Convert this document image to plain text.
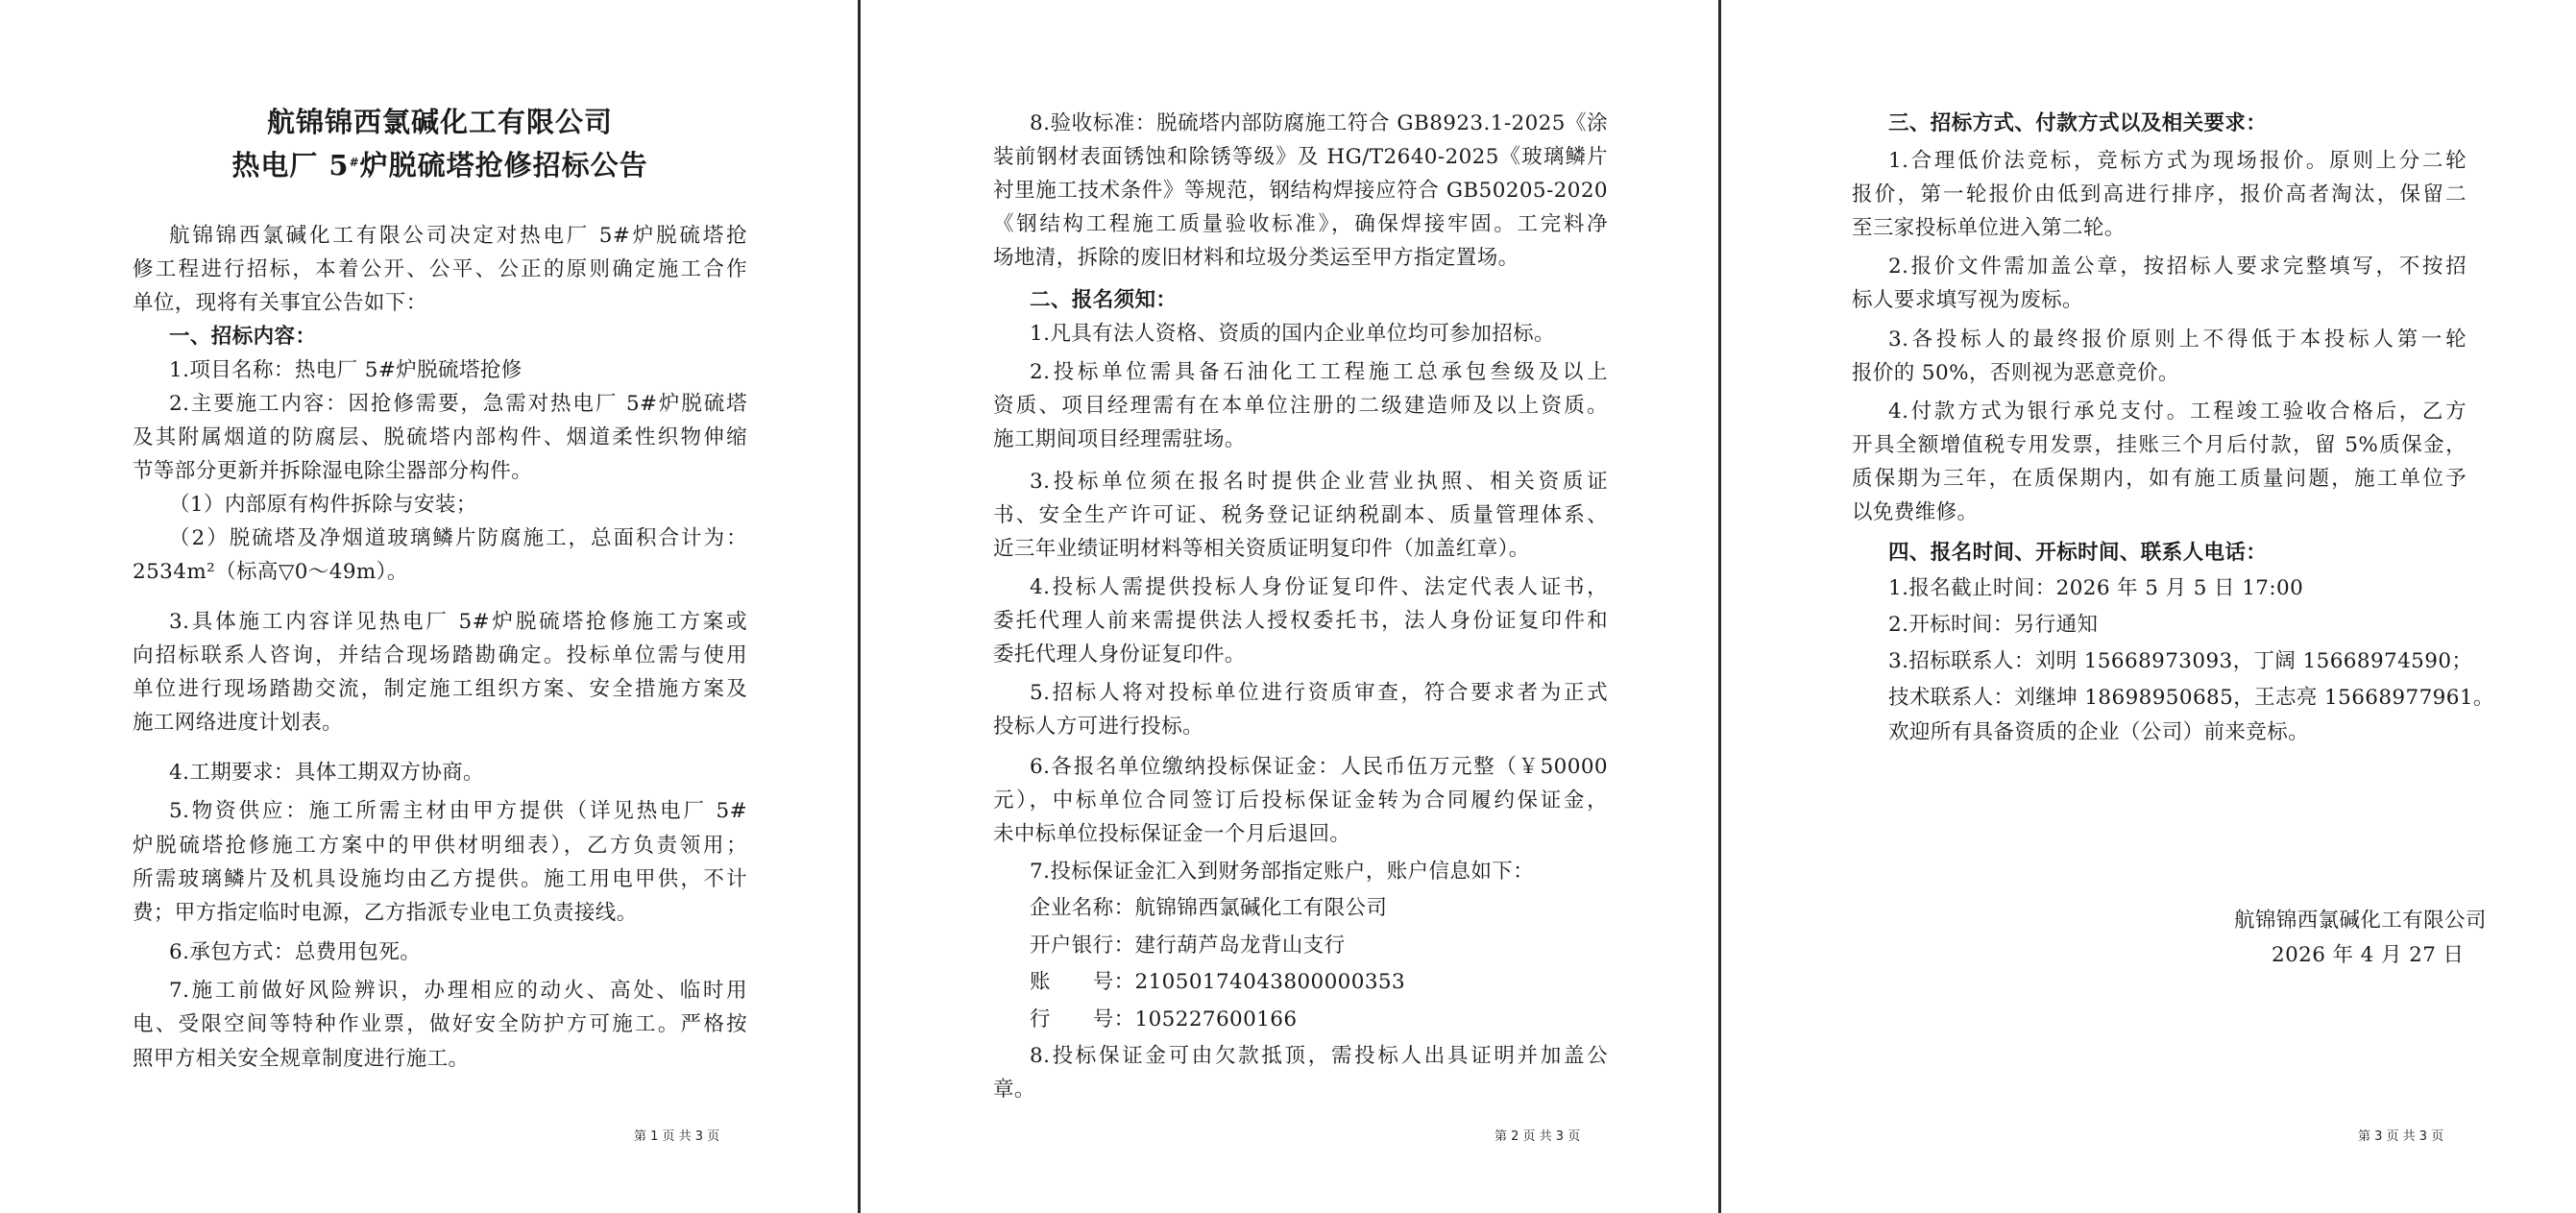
航锦锦西氯碱化工有限公司
热电厂 5#炉脱硫塔抢修招标公告
航锦锦西氯碱化工有限公司决定对热电厂 5#炉脱硫塔抢
修工程进行招标，本着公开、公平、公正的原则确定施工合作
单位，现将有关事宜公告如下：
一、招标内容：
1.项目名称：热电厂 5#炉脱硫塔抢修
2.主要施工内容：因抢修需要，急需对热电厂 5#炉脱硫塔
及其附属烟道的防腐层、脱硫塔内部构件、烟道柔性织物伸缩
节等部分更新并拆除湿电除尘器部分构件。
（1）内部原有构件拆除与安装；
（2）脱硫塔及净烟道玻璃鳞片防腐施工，总面积合计为：
2534m²（标高▽0～49m）。
3.具体施工内容详见热电厂 5#炉脱硫塔抢修施工方案或
向招标联系人咨询，并结合现场踏勘确定。投标单位需与使用
单位进行现场踏勘交流，制定施工组织方案、安全措施方案及
施工网络进度计划表。
4.工期要求：具体工期双方协商。
5.物资供应：施工所需主材由甲方提供（详见热电厂 5#
炉脱硫塔抢修施工方案中的甲供材明细表），乙方负责领用；
所需玻璃鳞片及机具设施均由乙方提供。施工用电甲供，不计
费；甲方指定临时电源，乙方指派专业电工负责接线。
6.承包方式：总费用包死。
7.施工前做好风险辨识，办理相应的动火、高处、临时用
电、受限空间等特种作业票，做好安全防护方可施工。严格按
照甲方相关安全规章制度进行施工。
第 1 页 共 3 页
8.验收标准：脱硫塔内部防腐施工符合 GB8923.1-2025《涂
装前钢材表面锈蚀和除锈等级》及 HG/T2640-2025《玻璃鳞片
衬里施工技术条件》等规范，钢结构焊接应符合 GB50205-2020
《钢结构工程施工质量验收标准》，确保焊接牢固。工完料净
场地清，拆除的废旧材料和垃圾分类运至甲方指定置场。
二、报名须知：
1.凡具有法人资格、资质的国内企业单位均可参加招标。
2.投标单位需具备石油化工工程施工总承包叁级及以上
资质、项目经理需有在本单位注册的二级建造师及以上资质。
施工期间项目经理需驻场。
3.投标单位须在报名时提供企业营业执照、相关资质证
书、安全生产许可证、税务登记证纳税副本、质量管理体系、
近三年业绩证明材料等相关资质证明复印件（加盖红章）。
4.投标人需提供投标人身份证复印件、法定代表人证书，
委托代理人前来需提供法人授权委托书，法人身份证复印件和
委托代理人身份证复印件。
5.招标人将对投标单位进行资质审查，符合要求者为正式
投标人方可进行投标。
6.各报名单位缴纳投标保证金：人民币伍万元整（￥50000
元），中标单位合同签订后投标保证金转为合同履约保证金，
未中标单位投标保证金一个月后退回。
7.投标保证金汇入到财务部指定账户，账户信息如下：
企业名称：航锦锦西氯碱化工有限公司
开户银行：建行葫芦岛龙背山支行
账　　号：21050174043800000353
行　　号：105227600166
8.投标保证金可由欠款抵顶，需投标人出具证明并加盖公
章。
第 2 页 共 3 页
三、招标方式、付款方式以及相关要求：
1.合理低价法竞标，竞标方式为现场报价。原则上分二轮
报价，第一轮报价由低到高进行排序，报价高者淘汰，保留二
至三家投标单位进入第二轮。
2.报价文件需加盖公章，按招标人要求完整填写，不按招
标人要求填写视为废标。
3.各投标人的最终报价原则上不得低于本投标人第一轮
报价的 50%，否则视为恶意竞价。
4.付款方式为银行承兑支付。工程竣工验收合格后，乙方
开具全额增值税专用发票，挂账三个月后付款，留 5%质保金，
质保期为三年，在质保期内，如有施工质量问题，施工单位予
以免费维修。
四、报名时间、开标时间、联系人电话：
1.报名截止时间：2026 年 5 月 5 日 17:00
2.开标时间：另行通知
3.招标联系人：刘明 15668973093，丁阔 15668974590；
技术联系人：刘继坤 18698950685，王志亮 15668977961。
欢迎所有具备资质的企业（公司）前来竞标。
航锦锦西氯碱化工有限公司
2026 年 4 月 27 日
第 3 页 共 3 页
